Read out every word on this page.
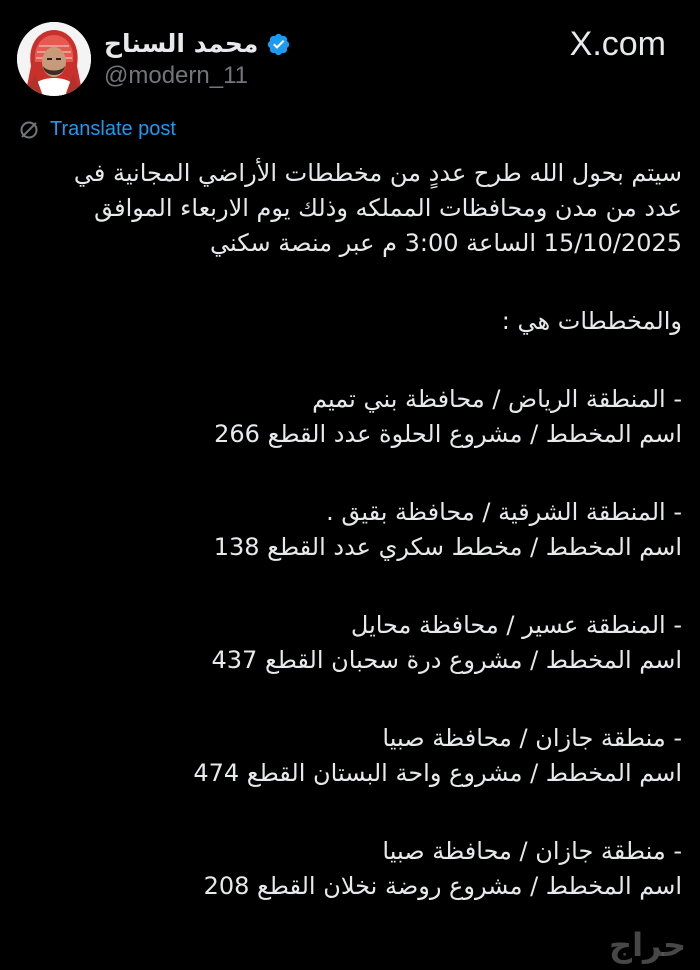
محمد السناح
@modern_11
X.com
Translate post

سيتم بحول الله طرح عددٍ من مخططات الأراضي المجانية في

عدد من مدن ومحافظات المملكه وذلك يوم الاربعاء الموافق

15/10/2025 الساعة 3:00 م عبر منصة سكني

والمخططات هي :

- المنطقة الرياض / محافظة بني تميم

اسم المخطط / مشروع الحلوة عدد القطع 266

- المنطقة الشرقية / محافظة بقيق .

اسم المخطط / مخطط سكري عدد القطع 138

- المنطقة عسير / محافظة محايل

اسم المخطط / مشروع درة سحبان القطع 437

- منطقة جازان / محافظة صبيا

اسم المخطط / مشروع واحة البستان القطع 474

- منطقة جازان / محافظة صبيا

اسم المخطط / مشروع روضة نخلان القطع 208

حراج
